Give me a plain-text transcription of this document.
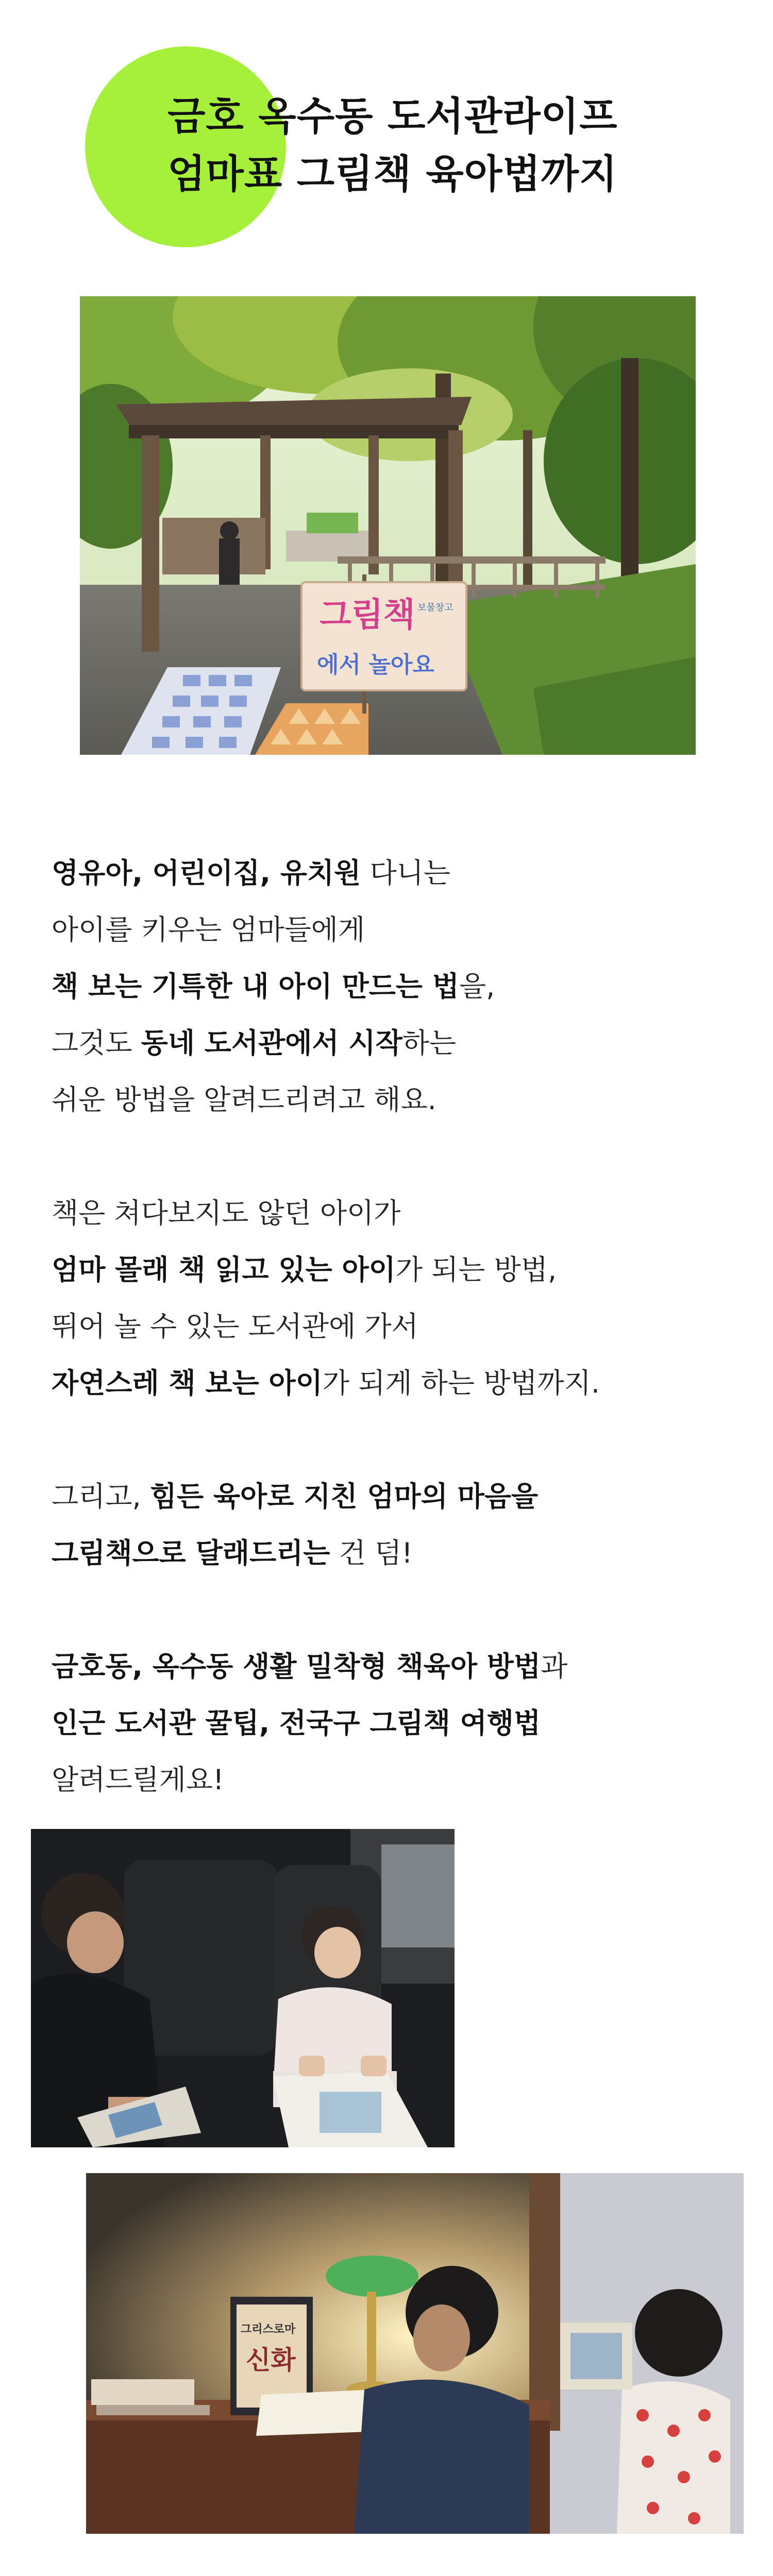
금호 옥수동 도서관라이프
엄마표 그림책 육아법까지
그림책 보물창고
에서 놀아요
영유아, 어린이집, 유치원 다니는
아이를 키우는 엄마들에게
책 보는 기특한 내 아이 만드는 법을,
그것도 동네 도서관에서 시작하는
쉬운 방법을 알려드리려고 해요.
책은 쳐다보지도 않던 아이가
엄마 몰래 책 읽고 있는 아이가 되는 방법,
뛰어 놀 수 있는 도서관에 가서
자연스레 책 보는 아이가 되게 하는 방법까지.
그리고, 힘든 육아로 지친 엄마의 마음을
그림책으로 달래드리는 건 덤!
금호동, 옥수동 생활 밀착형 책육아 방법과
인근 도서관 꿀팁, 전국구 그림책 여행법
알려드릴게요!
그리스로마
신화
